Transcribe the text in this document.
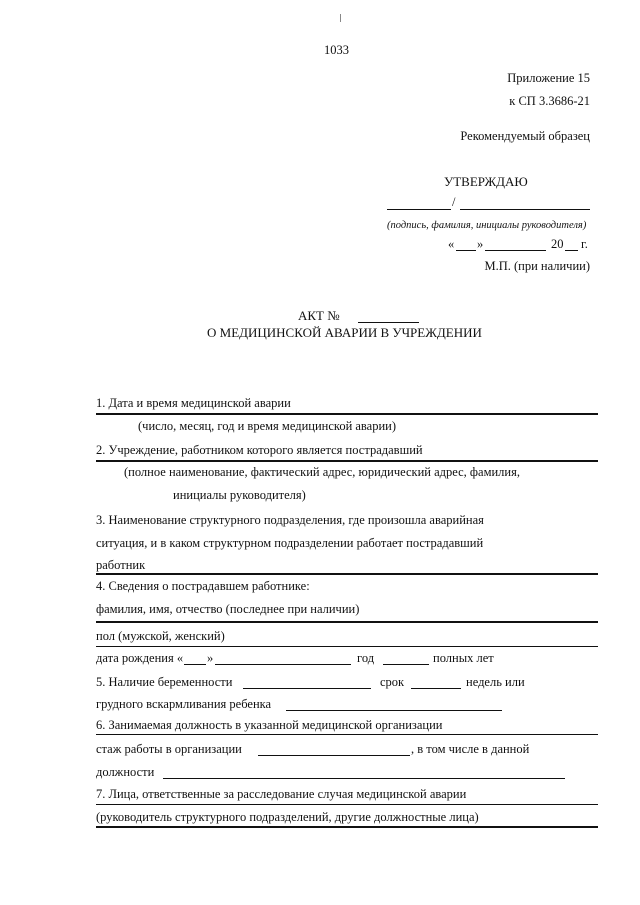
1033
Приложение 15
к СП 3.3686-21
Рекомендуемый образец
УТВЕРЖДАЮ
/
(подпись, фамилия, инициалы руководителя)
« »	20 г.
М.П. (при наличии)
АКТ №
О МЕДИЦИНСКОЙ АВАРИИ В УЧРЕЖДЕНИИ
1. Дата и время медицинской аварии
(число, месяц, год и время медицинской аварии)
2. Учреждение, работником которого является пострадавший
(полное наименование, фактический адрес, юридический адрес, фамилия,
инициалы руководителя)
3. Наименование структурного подразделения, где произошла аварийная
ситуация, и в каком структурном подразделении работает пострадавший
работник
4. Сведения о пострадавшем работнике:
фамилия, имя, отчество (последнее при наличии)
пол (мужской, женский)
дата рождения « »	год	полных лет
5. Наличие беременности	срок	недель или
грудного вскармливания ребенка
6. Занимаемая должность в указанной медицинской организации
стаж работы в организации	, в том числе в данной
должности
7. Лица, ответственные за расследование случая медицинской аварии
(руководитель структурного подразделений, другие должностные лица)
